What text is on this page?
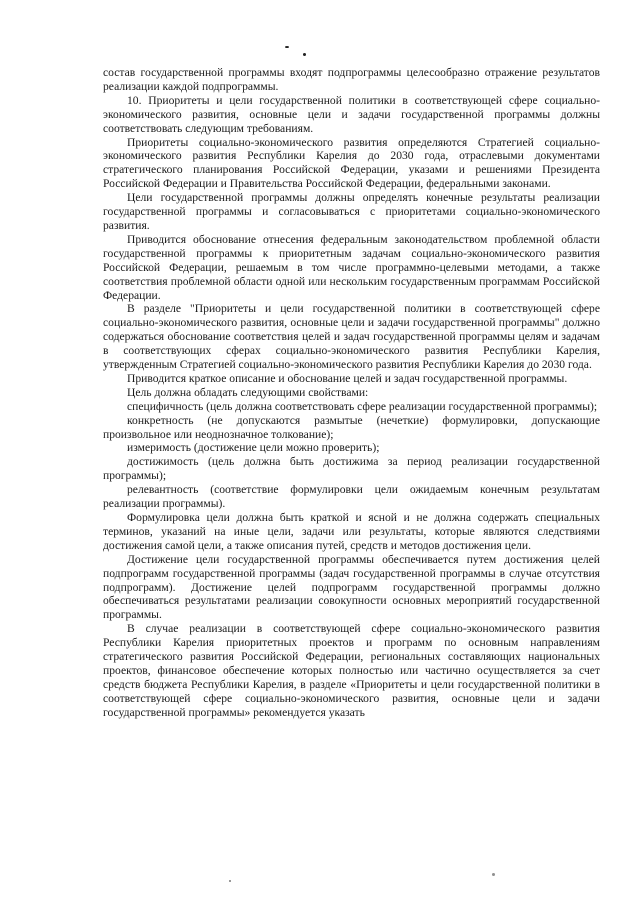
состав государственной программы входят подпрограммы целесообразно отражение результатов реализации каждой подпрограммы.

10. Приоритеты и цели государственной политики в соответствующей сфере социально-экономического развития, основные цели и задачи государственной программы должны соответствовать следующим требованиям.

Приоритеты социально-экономического развития определяются Стратегией социально-экономического развития Республики Карелия до 2030 года, отраслевыми документами стратегического планирования Российской Федерации, указами и решениями Президента Российской Федерации и Правительства Российской Федерации, федеральными законами.

Цели государственной программы должны определять конечные результаты реализации государственной программы и согласовываться с приоритетами социально-экономического развития.

Приводится обоснование отнесения федеральным законодательством проблемной области государственной программы к приоритетным задачам социально-экономического развития Российской Федерации, решаемым в том числе программно-целевыми методами, а также соответствия проблемной области одной или нескольким государственным программам Российской Федерации.

В разделе "Приоритеты и цели государственной политики в соответствующей сфере социально-экономического развития, основные цели и задачи государственной программы" должно содержаться обоснование соответствия целей и задач государственной программы целям и задачам в соответствующих сферах социально-экономического развития Республики Карелия, утвержденным Стратегией социально-экономического развития Республики Карелия до 2030 года.

Приводится краткое описание и обоснование целей и задач государственной программы.

Цель должна обладать следующими свойствами:

специфичность (цель должна соответствовать сфере реализации государственной программы);

конкретность (не допускаются размытые (нечеткие) формулировки, допускающие произвольное или неоднозначное толкование);

измеримость (достижение цели можно проверить);

достижимость (цель должна быть достижима за период реализации государственной программы);

релевантность (соответствие формулировки цели ожидаемым конечным результатам реализации программы).

Формулировка цели должна быть краткой и ясной и не должна содержать специальных терминов, указаний на иные цели, задачи или результаты, которые являются следствиями достижения самой цели, а также описания путей, средств и методов достижения цели.

Достижение цели государственной программы обеспечивается путем достижения целей подпрограмм государственной программы (задач государственной программы в случае отсутствия подпрограмм). Достижение целей подпрограмм государственной программы должно обеспечиваться результатами реализации совокупности основных мероприятий государственной программы.

В случае реализации в соответствующей сфере социально-экономического развития Республики Карелия приоритетных проектов и программ по основным направлениям стратегического развития Российской Федерации, региональных составляющих национальных проектов, финансовое обеспечение которых полностью или частично осуществляется за счет средств бюджета Республики Карелия, в разделе «Приоритеты и цели государственной политики в соответствующей сфере социально-экономического развития, основные цели и задачи государственной программы» рекомендуется указать
